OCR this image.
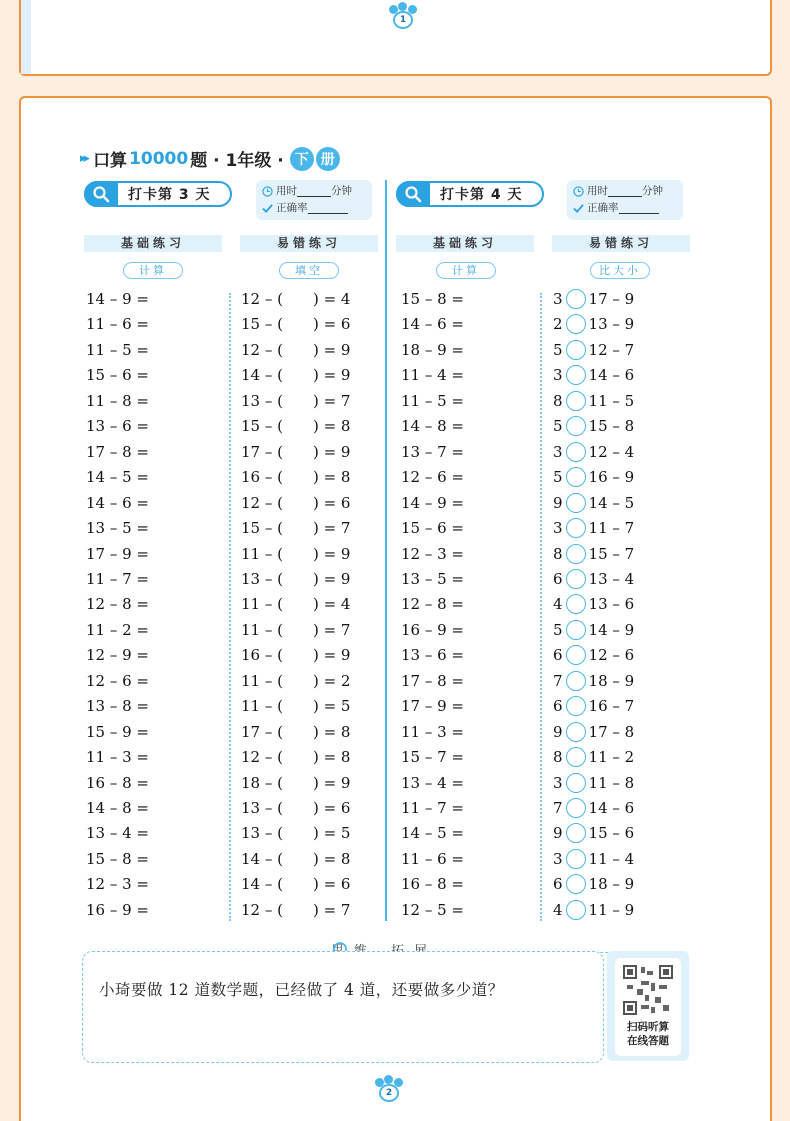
1
▸▸ 口算 10000 题 · 1年级 · 下 册
打卡第 3 天	打卡第 4 天
用时	分钟
正确率
用时	分钟
正确率
基础练习	易错练习	基础练习	易错练习
计算	填空	计算	比大小
14 – 9 =
11 – 6 =
11 – 5 =
15 – 6 =
11 – 8 =
13 – 6 =
17 – 8 =
14 – 5 =
14 – 6 =
13 – 5 =
17 – 9 =
11 – 7 =
12 – 8 =
11 – 2 =
12 – 9 =
12 – 6 =
13 – 8 =
15 – 9 =
11 – 3 =
16 – 8 =
14 – 8 =
13 – 4 =
15 – 8 =
12 – 3 =
16 – 9 =
12 – (　　) = 4
15 – (　　) = 6
12 – (　　) = 9
14 – (　　) = 9
13 – (　　) = 7
15 – (　　) = 8
17 – (　　) = 9
16 – (　　) = 8
12 – (　　) = 6
15 – (　　) = 7
11 – (　　) = 9
13 – (　　) = 9
11 – (　　) = 4
11 – (　　) = 7
16 – (　　) = 9
11 – (　　) = 2
11 – (　　) = 5
17 – (　　) = 8
12 – (　　) = 8
18 – (　　) = 9
13 – (　　) = 6
13 – (　　) = 5
14 – (　　) = 8
14 – (　　) = 6
12 – (　　) = 7
15 – 8 =
14 – 6 =
18 – 9 =
11 – 4 =
11 – 5 =
14 – 8 =
13 – 7 =
12 – 6 =
14 – 9 =
15 – 6 =
12 – 3 =
13 – 5 =
12 – 8 =
16 – 9 =
13 – 6 =
17 – 8 =
17 – 9 =
11 – 3 =
15 – 7 =
13 – 4 =
11 – 7 =
14 – 5 =
11 – 6 =
16 – 8 =
12 – 5 =
3 17 – 9
2 13 – 9
5 12 – 7
3 14 – 6
8 11 – 5
5 15 – 8
3 12 – 4
5 16 – 9
9 14 – 5
3 11 – 7
8 15 – 7
6 13 – 4
4 13 – 6
5 14 – 9
6 12 – 6
7 18 – 9
6 16 – 7
9 17 – 8
8 11 – 2
3 11 – 8
7 14 – 6
9 15 – 6
3 11 – 4
6 18 – 9
4 11 – 9
小琦要做 12 道数学题，已经做了 4 道，还要做多少道？
扫码听算
在线答题
2
